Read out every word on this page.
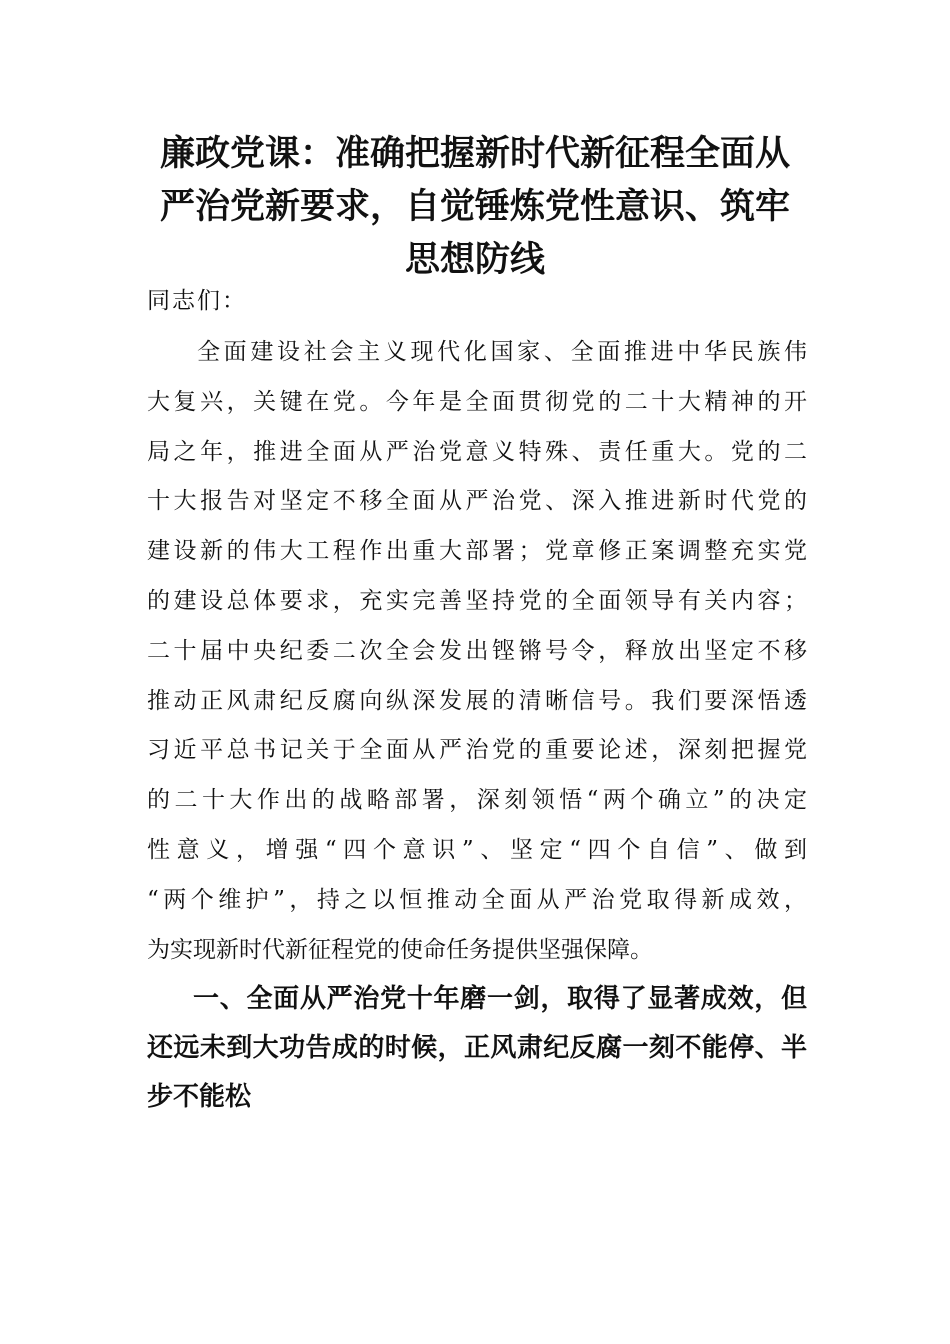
廉政党课：准确把握新时代新征程全面从
严治党新要求，自觉锤炼党性意识、筑牢
思想防线
同志们：
全面建设社会主义现代化国家、全面推进中华民族伟
大复兴，关键在党。今年是全面贯彻党的二十大精神的开
局之年，推进全面从严治党意义特殊、责任重大。党的二
十大报告对坚定不移全面从严治党、深入推进新时代党的
建设新的伟大工程作出重大部署；党章修正案调整充实党
的建设总体要求，充实完善坚持党的全面领导有关内容；
二十届中央纪委二次全会发出铿锵号令，释放出坚定不移
推动正风肃纪反腐向纵深发展的清晰信号。我们要深悟透
习近平总书记关于全面从严治党的重要论述，深刻把握党
的二十大作出的战略部署，深刻领悟“两个确立”的决定
性意义，增强“四个意识”、坚定“四个自信”、做到
“两个维护”，持之以恒推动全面从严治党取得新成效，
为实现新时代新征程党的使命任务提供坚强保障。
一、全面从严治党十年磨一剑，取得了显著成效，但
还远未到大功告成的时候，正风肃纪反腐一刻不能停、半
步不能松
